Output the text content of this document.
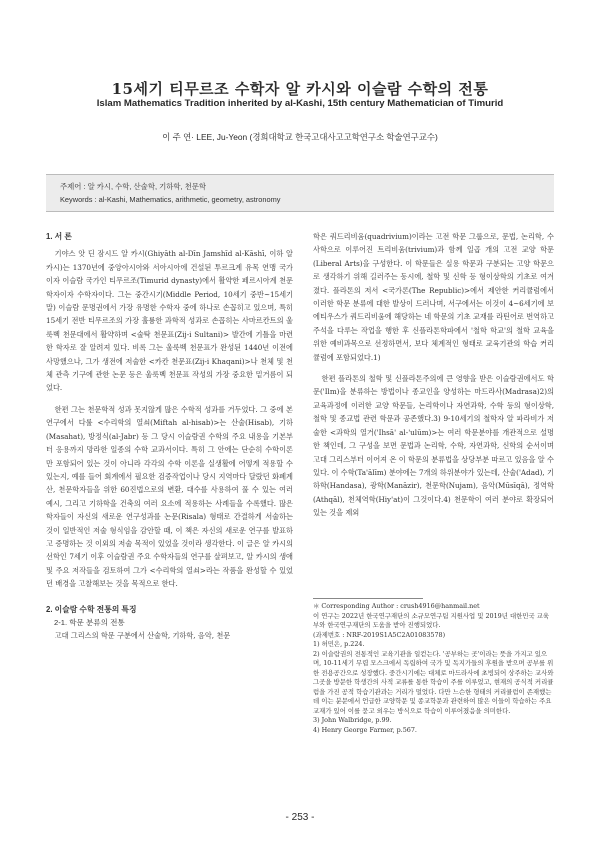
15세기 티무르조 수학자 알 카시와 이슬람 수학의 전통
Islam Mathematics Tradition inherited by al-Kashi, 15th century Mathematician of Timurid
이 주 연· LEE, Ju-Yeon (경희대학교 한국고대사고고학연구소 학술연구교수)
주제어 : 알 카시, 수학, 산술학, 기하학, 천문학
Keywords : al-Kashi, Mathematics, arithmetic, geometry, astronomy

1. 서 론

기야스 앗 딘 잠시드 알 카시(Ghiyāth al-Dīn Jamshīd al-Kāshī, 이하 알 카시)는 1370년에 중앙아시아와 서아시아에 건설된 투르크계 유목 연맹 국가이자 이슬람 국가인 티무르조(Timurid dynasty)에서 활약한 페르시아계 천문학자이자 수학자이다. 그는 중간시기(Middle Period, 10세기 중반~15세기 말) 이슬람 문명권에서 가장 유명한 수학자 중에 하나로 손꼽히고 있으며, 특히 15세기 전반 티무르조의 가장 훌륭한 과학적 성과로 손꼽히는 사마르칸트의 울룩벡 천문대에서 활약하며 <술탁 천문표(Zij-i Sultani)> 발간에 기틀을 마련한 학자로 잘 알려져 있다. 비록 그는 울룩벡 천문표가 완성된 1440년 이전에 사망했으나, 그가 생전에 저술한 <카칸 천문표(Zij-i Khaqani)>나 천체 및 천체 관측 기구에 관한 논문 등은 울룩벡 천문표 작성의 가장 중요한 밑거름이 되었다.

한편 그는 천문학적 성과 못지않게 많은 수학적 성과를 거두었다. 그 중에 본 연구에서 다룰 <수리학의 열쇠(Miftah al-hisab)>는 산술(Hisab), 기하(Masahat), 방정식(al-Jabr) 등 그 당시 이슬람권 수학의 주요 내용을 기본부터 응용까지 망라한 일종의 수학 교과서이다. 특히 그 안에는 단순히 수학이론만 포함되어 있는 것이 아니라 각각의 수학 이론을 실생활에 어떻게 적용할 수 있는지, 예를 들어 회계에서 필요한 검증작업이나 당시 지역마다 달랐던 화폐계산, 천문학자들을 위한 60진법으로의 변환, 대수를 사용하여 풀 수 있는 여러 예시, 그리고 기하학을 건축의 여러 요소에 적용하는 사례들을 수록했다. 많은 학자들이 자신의 새로운 연구성과를 논문(Risala) 형태로 간결하게 서술하는 것이 일반적인 저술 형식임을 감안할 때, 이 책은 자신의 새로운 연구를 발표하고 증명하는 것 이외의 저술 목적이 있었을 것이라 생각한다. 이 글은 알 카시의 선학인 7세기 이후 이슬람권 주요 수학자들의 연구를 살펴보고, 알 카시의 생애 및 주요 저작들을 검토하여 그가 <수리학의 열쇠>라는 작품을 완성할 수 있었던 배경을 고찰해보는 것을 목적으로 한다.

2. 이슬람 수학 전통의 특징

2-1. 학문 분류의 전통

고대 그리스의 학문 구분에서 산술학, 기하학, 음악, 천문

학은 쿼드리비움(quadrivium)이라는 고전 학문 그룹으로, 문법, 논리학, 수사학으로 이루어진 트리비움(trivium)과 함께 일곱 개의 고전 교양 학문(Liberal Arts)을 구성한다. 이 학문들은 실용 학문과 구분되는 고양 학문으로 생각하기 위해 길러주는 동시에, 철학 및 신학 등 형이상학의 기초로 여겨졌다. 플라톤의 저서 <국가론(The Republic)>에서 제안한 커리큘럼에서 이러한 학문 분류에 대한 발상이 드러나며, 서구에서는 이것이 4~6세기에 보에티우스가 쿼드리비움에 해당하는 네 학문의 기초 교재를 라틴어로 번역하고 주석을 다루는 작업을 행한 후 신플라톤학파에서 '철학 학교'의 철학 교육을 위한 예비과목으로 선정하면서, 보다 체계적인 형태로 교육기관의 학습 커리큘럼에 포함되었다.1)

한편 플라톤의 철학 및 신플라톤주의에 큰 영향을 받은 이슬람권에서도 학문('Ilm)을 분류하는 방법이나 종교인을 양성하는 마드라사(Madrasa)2)의 교육과정에 이러한 교양 학문들, 논리학이나 자연과학, 수학 등의 형이상학, 철학 및 종교법 관련 학문과 공존했다.3) 9-10세기의 철학자 알 파라비가 저술한 <과학의 열거('Ihsā' al-'ulūm)>는 여러 학문분야를 개관적으로 설명한 책인데, 그 구성을 보면 문법과 논리학, 수학, 자연과학, 신학의 순서이며 고대 그리스부터 이어져 온 이 학문의 분류법을 상당부분 따르고 있음을 알 수 있다. 이 수학(Ta'ālīm) 분야에는 7개의 하위분야가 있는데, 산술('Adad), 기하학(Handasa), 광학(Manāzir), 천문학(Nujam), 음악(Mūsīqā), 정역학(Athqāl), 천체역학(Hiy'at)이 그것이다.4) 천문학이 여러 분야로 확장되어 있는 것을 제외

＊ Corresponding Author : crush4916@hanmail.net
이 연구는 2022년 한국연구재단의 소규모연구팀 지원사업 및 2019년 대한민국 교육부와 한국연구재단의 도움을 받아 진행되었다.
(과제번호 : NRF-2019S1A5C2A01083578)
1) 허민은, p.224.
2) 이슬람권의 전통적인 교육기관을 일컫는다. '공부하는 곳'이라는 뜻을 가지고 있으며, 10-11세기 무렵 모스크에서 독립하여 국가 및 독지가들의 후원을 받으며 공부를 위한 전용공간으로 성장했다. 중간시기에는 대체로 마드라사에 초빙되어 상주하는 교사와 그곳을 방문한 학생간의 사적 교류를 통한 학습이 주를 이루었고, 현재의 공식적 커리큘럼을 가진 공적 학습기관과는 거리가 멀었다. 다만 느슨한 형태의 커리큘럼이 존재했는데 이는 분문에서 언급한 교양학문 및 종교학문과 관련하여 많은 이들이 학습하는 주요 교재가 있어 이를 묻고 외우는 방식으로 학습이 이루어졌음을 의미한다.
3) John Walbridge, p.99.
4) Henry George Farmer, p.567.
- 253 -
